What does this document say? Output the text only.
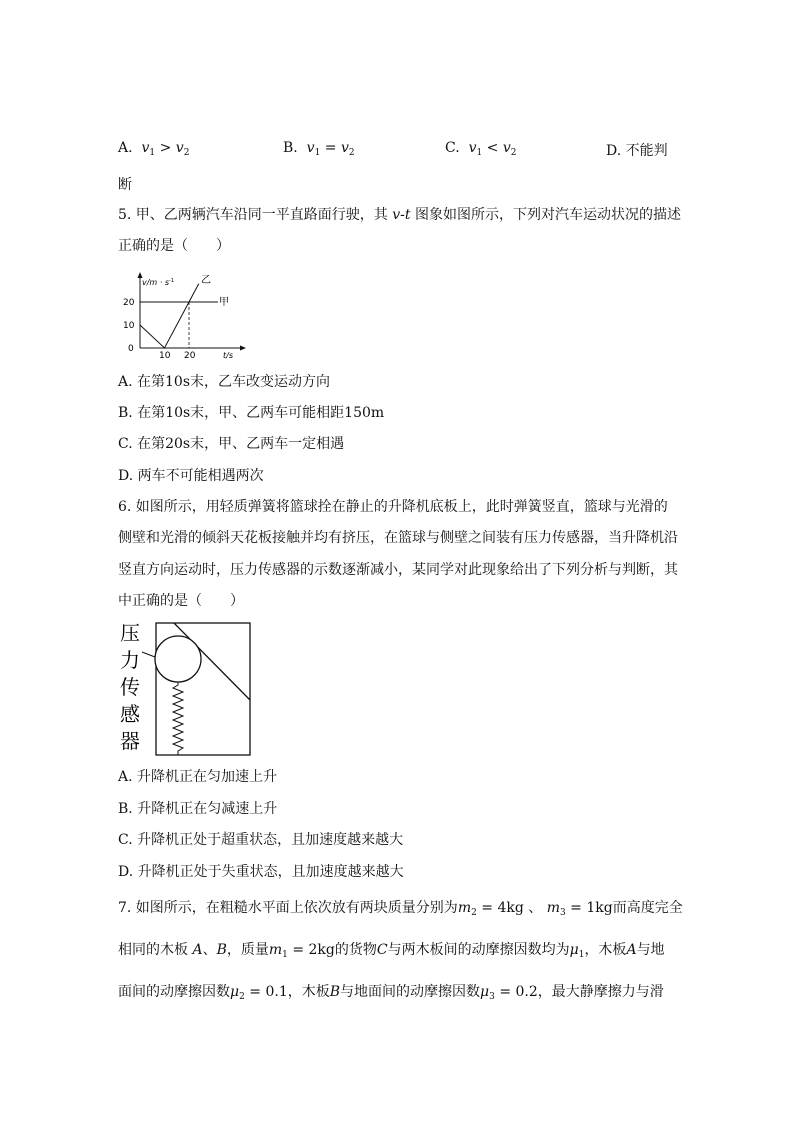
A. $v_1 > v_2$	B. $v_1 = v_2$	C. $v_1 < v_2$	D. 不能判
断
5. 甲、乙两辆汽车沿同一平直路面行驶，其 v-t 图象如图所示，下列对汽车运动状况的描述
正确的是（　　）
$v/m \cdot s^{-1}$
t/s
0
10
20
10 20
甲
乙
A. 在第10s末，乙车改变运动方向
B. 在第10s末，甲、乙两车可能相距150m
C. 在第20s末，甲、乙两车一定相遇
D. 两车不可能相遇两次
6. 如图所示，用轻质弹簧将篮球拴在静止的升降机底板上，此时弹簧竖直，篮球与光滑的
侧壁和光滑的倾斜天花板接触并均有挤压，在篮球与侧壁之间装有压力传感器，当升降机沿
竖直方向运动时，压力传感器的示数逐渐减小，某同学对此现象给出了下列分析与判断，其
中正确的是（　　）
压
力
传
感
器
A. 升降机正在匀加速上升
B. 升降机正在匀减速上升
C. 升降机正处于超重状态，且加速度越来越大
D. 升降机正处于失重状态，且加速度越来越大
7. 如图所示，在粗糙水平面上依次放有两块质量分别为$m_2 = 4kg$ 、 $m_3 = 1kg$而高度完全
相同的木板 A、B，质量$m_1 = 2kg$的货物C与两木板间的动摩擦因数均为$\mu_1$，木板A与地
面间的动摩擦因数$\mu_2 = 0.1$，木板B与地面间的动摩擦因数$\mu_3 = 0.2$，最大静摩擦力与滑
